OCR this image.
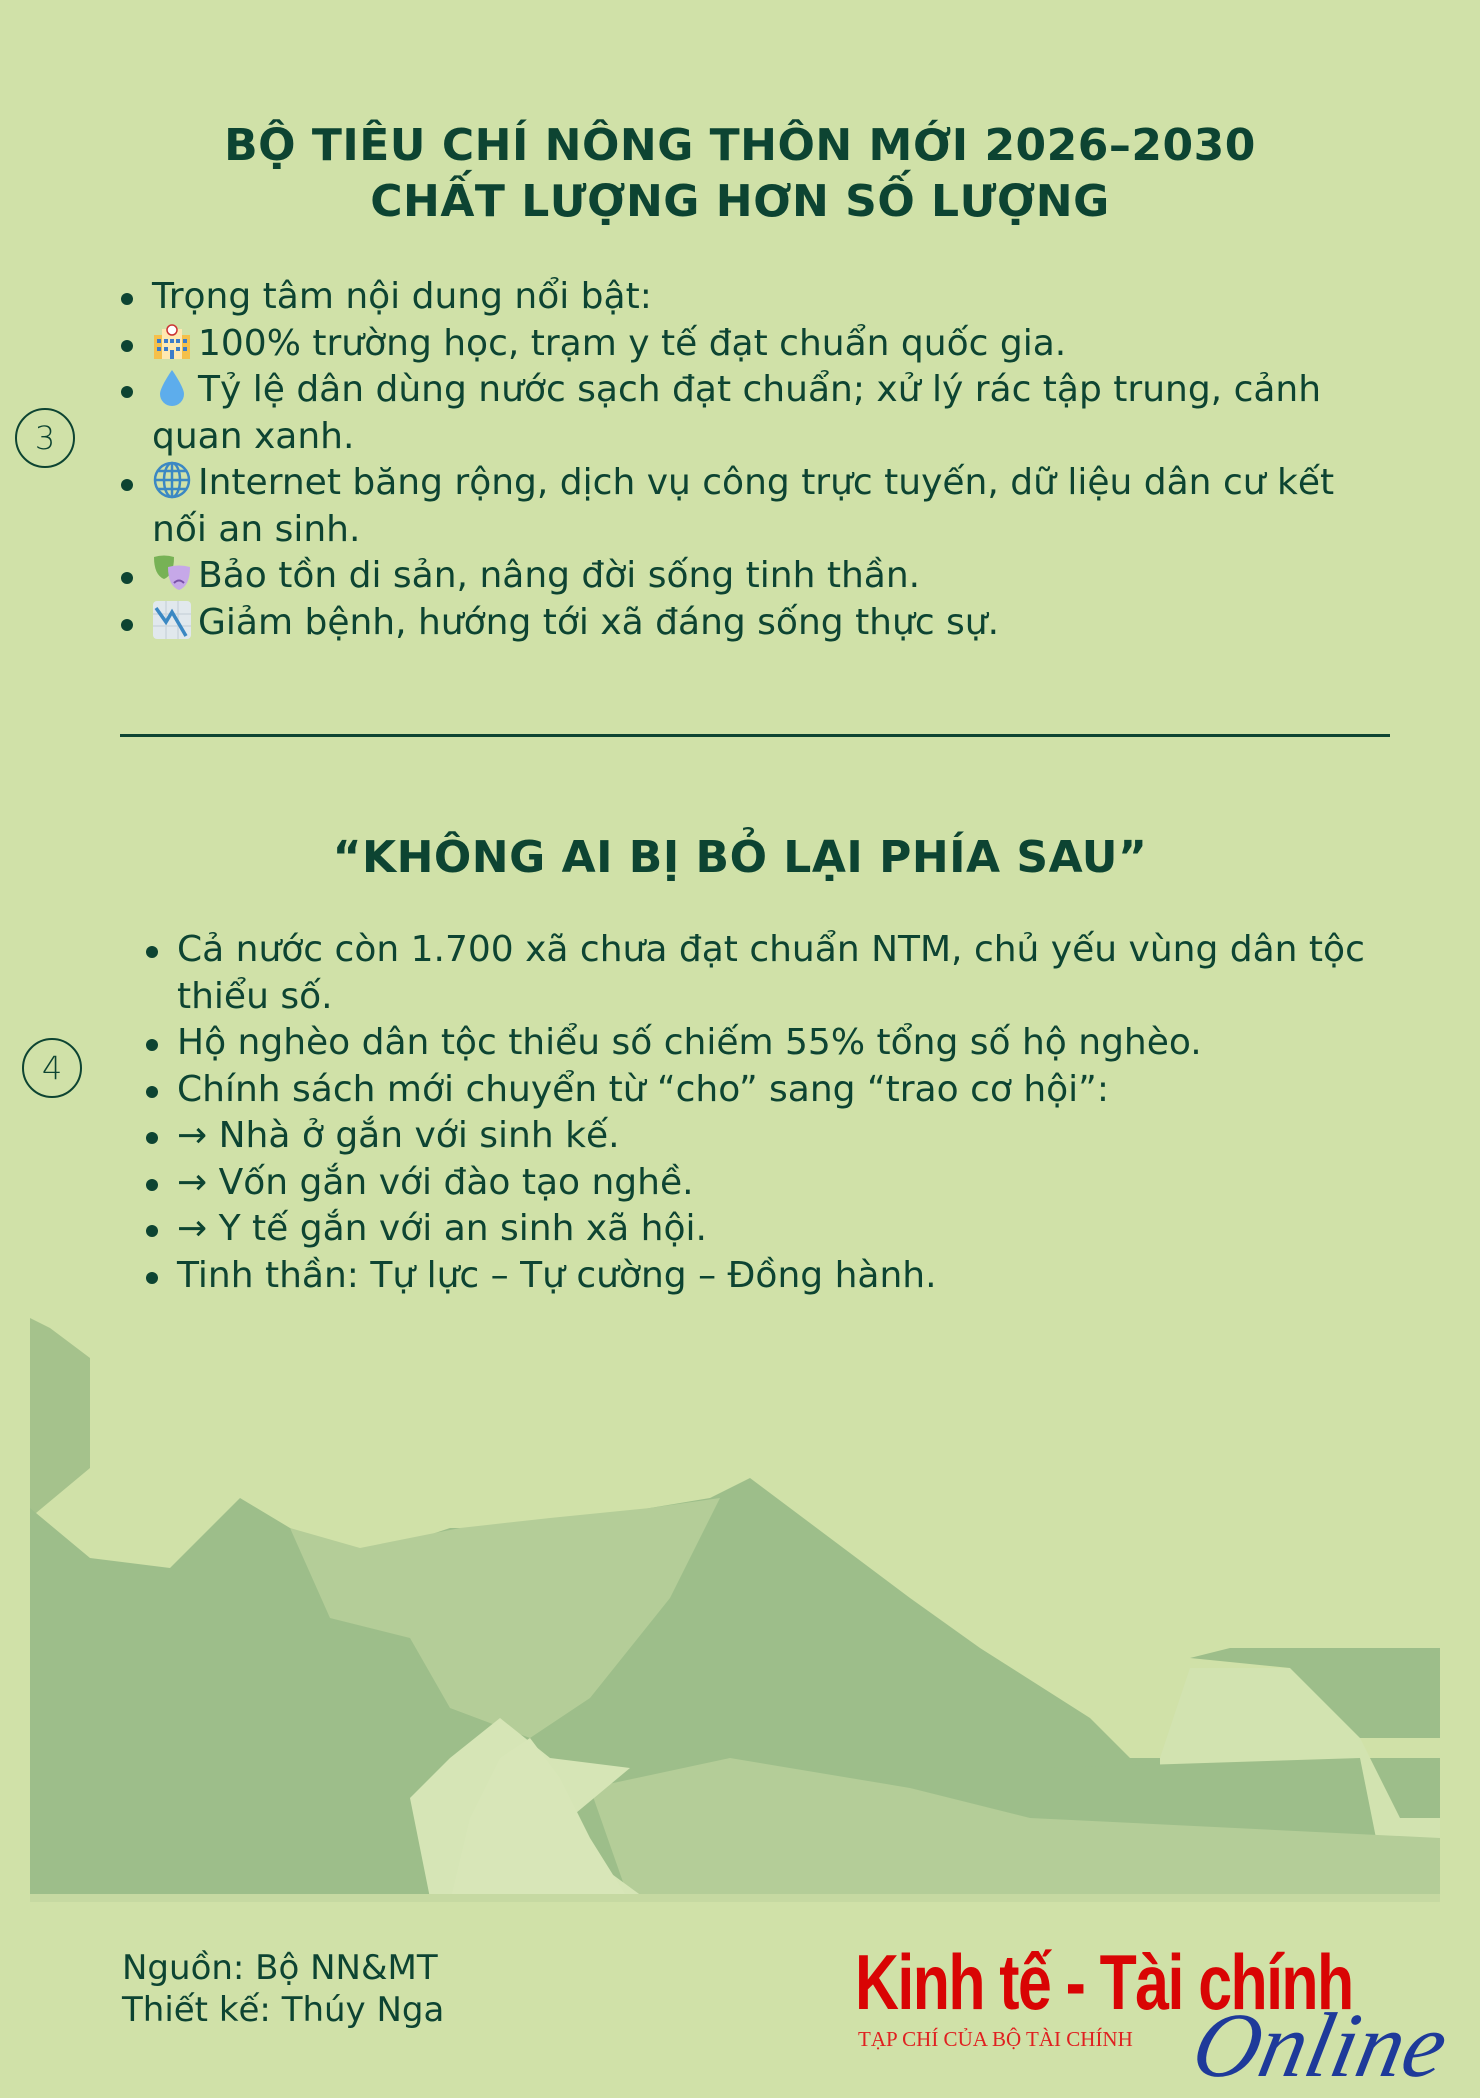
BỘ TIÊU CHÍ NÔNG THÔN MỚI 2026–2030
CHẤT LƯỢNG HƠN SỐ LƯỢNG
3
Trọng tâm nội dung nổi bật:
100% trường học, trạm y tế đạt chuẩn quốc gia.
Tỷ lệ dân dùng nước sạch đạt chuẩn; xử lý rác tập trung, cảnh quan xanh.
Internet băng rộng, dịch vụ công trực tuyến, dữ liệu dân cư kết nối an sinh.
Bảo tồn di sản, nâng đời sống tinh thần.
Giảm bệnh, hướng tới xã đáng sống thực sự.
“KHÔNG AI BỊ BỎ LẠI PHÍA SAU”
4
Cả nước còn 1.700 xã chưa đạt chuẩn NTM, chủ yếu vùng dân tộc thiểu số.
Hộ nghèo dân tộc thiểu số chiếm 55% tổng số hộ nghèo.
Chính sách mới chuyển từ “cho” sang “trao cơ hội”:
→ Nhà ở gắn với sinh kế.
→ Vốn gắn với đào tạo nghề.
→ Y tế gắn với an sinh xã hội.
Tinh thần: Tự lực – Tự cường – Đồng hành.
Nguồn: Bộ NN&MT
Thiết kế: Thúy Nga	Kinh tế - Tài chính
TẠP CHÍ CỦA BỘ TÀI CHÍNH Online
